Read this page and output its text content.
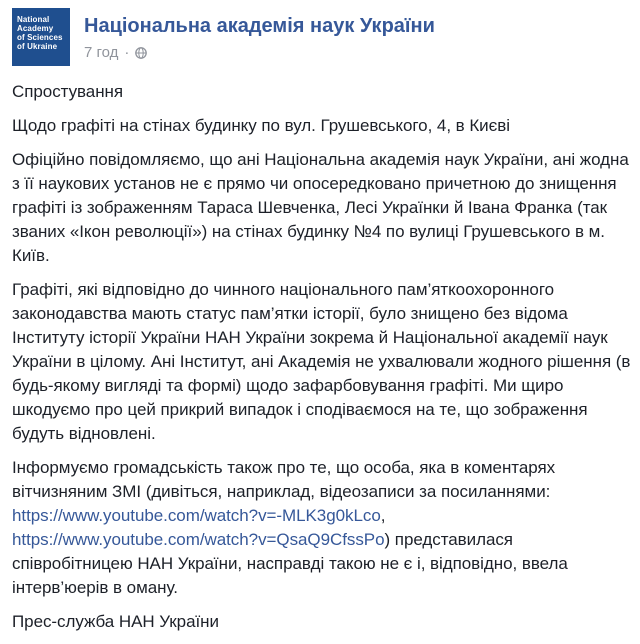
National
Academy
of Sciences
of Ukraine
Національна академія наук України
7 год ·

Спростування

Щодо графіті на стінах будинку по вул. Грушевського, 4, в Києві

Офіційно повідомляємо, що ані Національна академія наук України, ані жодна з її наукових установ не є прямо чи опосередковано причетною до знищення графіті із зображенням Тараса Шевченка, Лесі Українки й Івана Франка (так званих «Ікон революції») на стінах будинку №4 по вулиці Грушевського в м. Київ.

Графіті, які відповідно до чинного національного пам’яткоохоронного законодавства мають статус пам’ятки історії, було знищено без відома Інституту історії України НАН України зокрема й Національної академії наук України в цілому. Ані Інститут, ані Академія не ухвалювали жодного рішення (в будь-якому вигляді та формі) щодо зафарбовування графіті. Ми щиро шкодуємо про цей прикрий випадок і сподіваємося на те, що зображення будуть відновлені.

Інформуємо громадськість також про те, що особа, яка в коментарях вітчизняним ЗМІ (дивіться, наприклад, відеозаписи за посиланнями: https://www.youtube.com/watch?v=-MLK3g0kLco, https://www.youtube.com/watch?v=QsaQ9CfssPo) представилася співробітницею НАН України, насправді такою не є і, відповідно, ввела інтерв’юерів в оману.

Прес-служба НАН України
